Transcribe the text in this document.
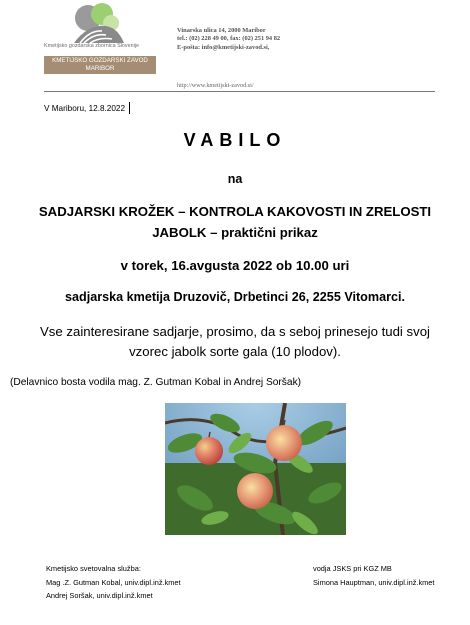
Kmetijsko gozdarska zbornica Slovenije
KMETIJSKO GOZDARSKI ZAVOD
MARIBOR
Vinarska ulica 14, 2000 Maribor
tel.: (02) 228 49 00, fax: (02) 251 94 82
E-pošta: info@kmetijski-zavod.si,
http://www.kmetijski-zavod.si/
V Mariboru, 12.8.2022
VABILO
na
SADJARSKI KROŽEK – KONTROLA KAKOVOSTI IN ZRELOSTI
JABOLK – praktični prikaz
v torek, 16.avgusta 2022 ob 10.00 uri
sadjarska kmetija Druzovič, Drbetinci 26, 2255 Vitomarci.
Vse zainteresirane sadjarje, prosimo, da s seboj prinesejo tudi svoj
vzorec jabolk sorte gala (10 plodov).
(Delavnico bosta vodila mag. Z. Gutman Kobal in Andrej Soršak)
Kmetijsko svetovalna služba:
Mag .Z. Gutman Kobal, univ.dipl.inž.kmet
Andrej Soršak, univ.dipl.inž.kmet
vodja JSKS pri KGZ MB
Simona Hauptman, univ.dipl.inž.kmet
